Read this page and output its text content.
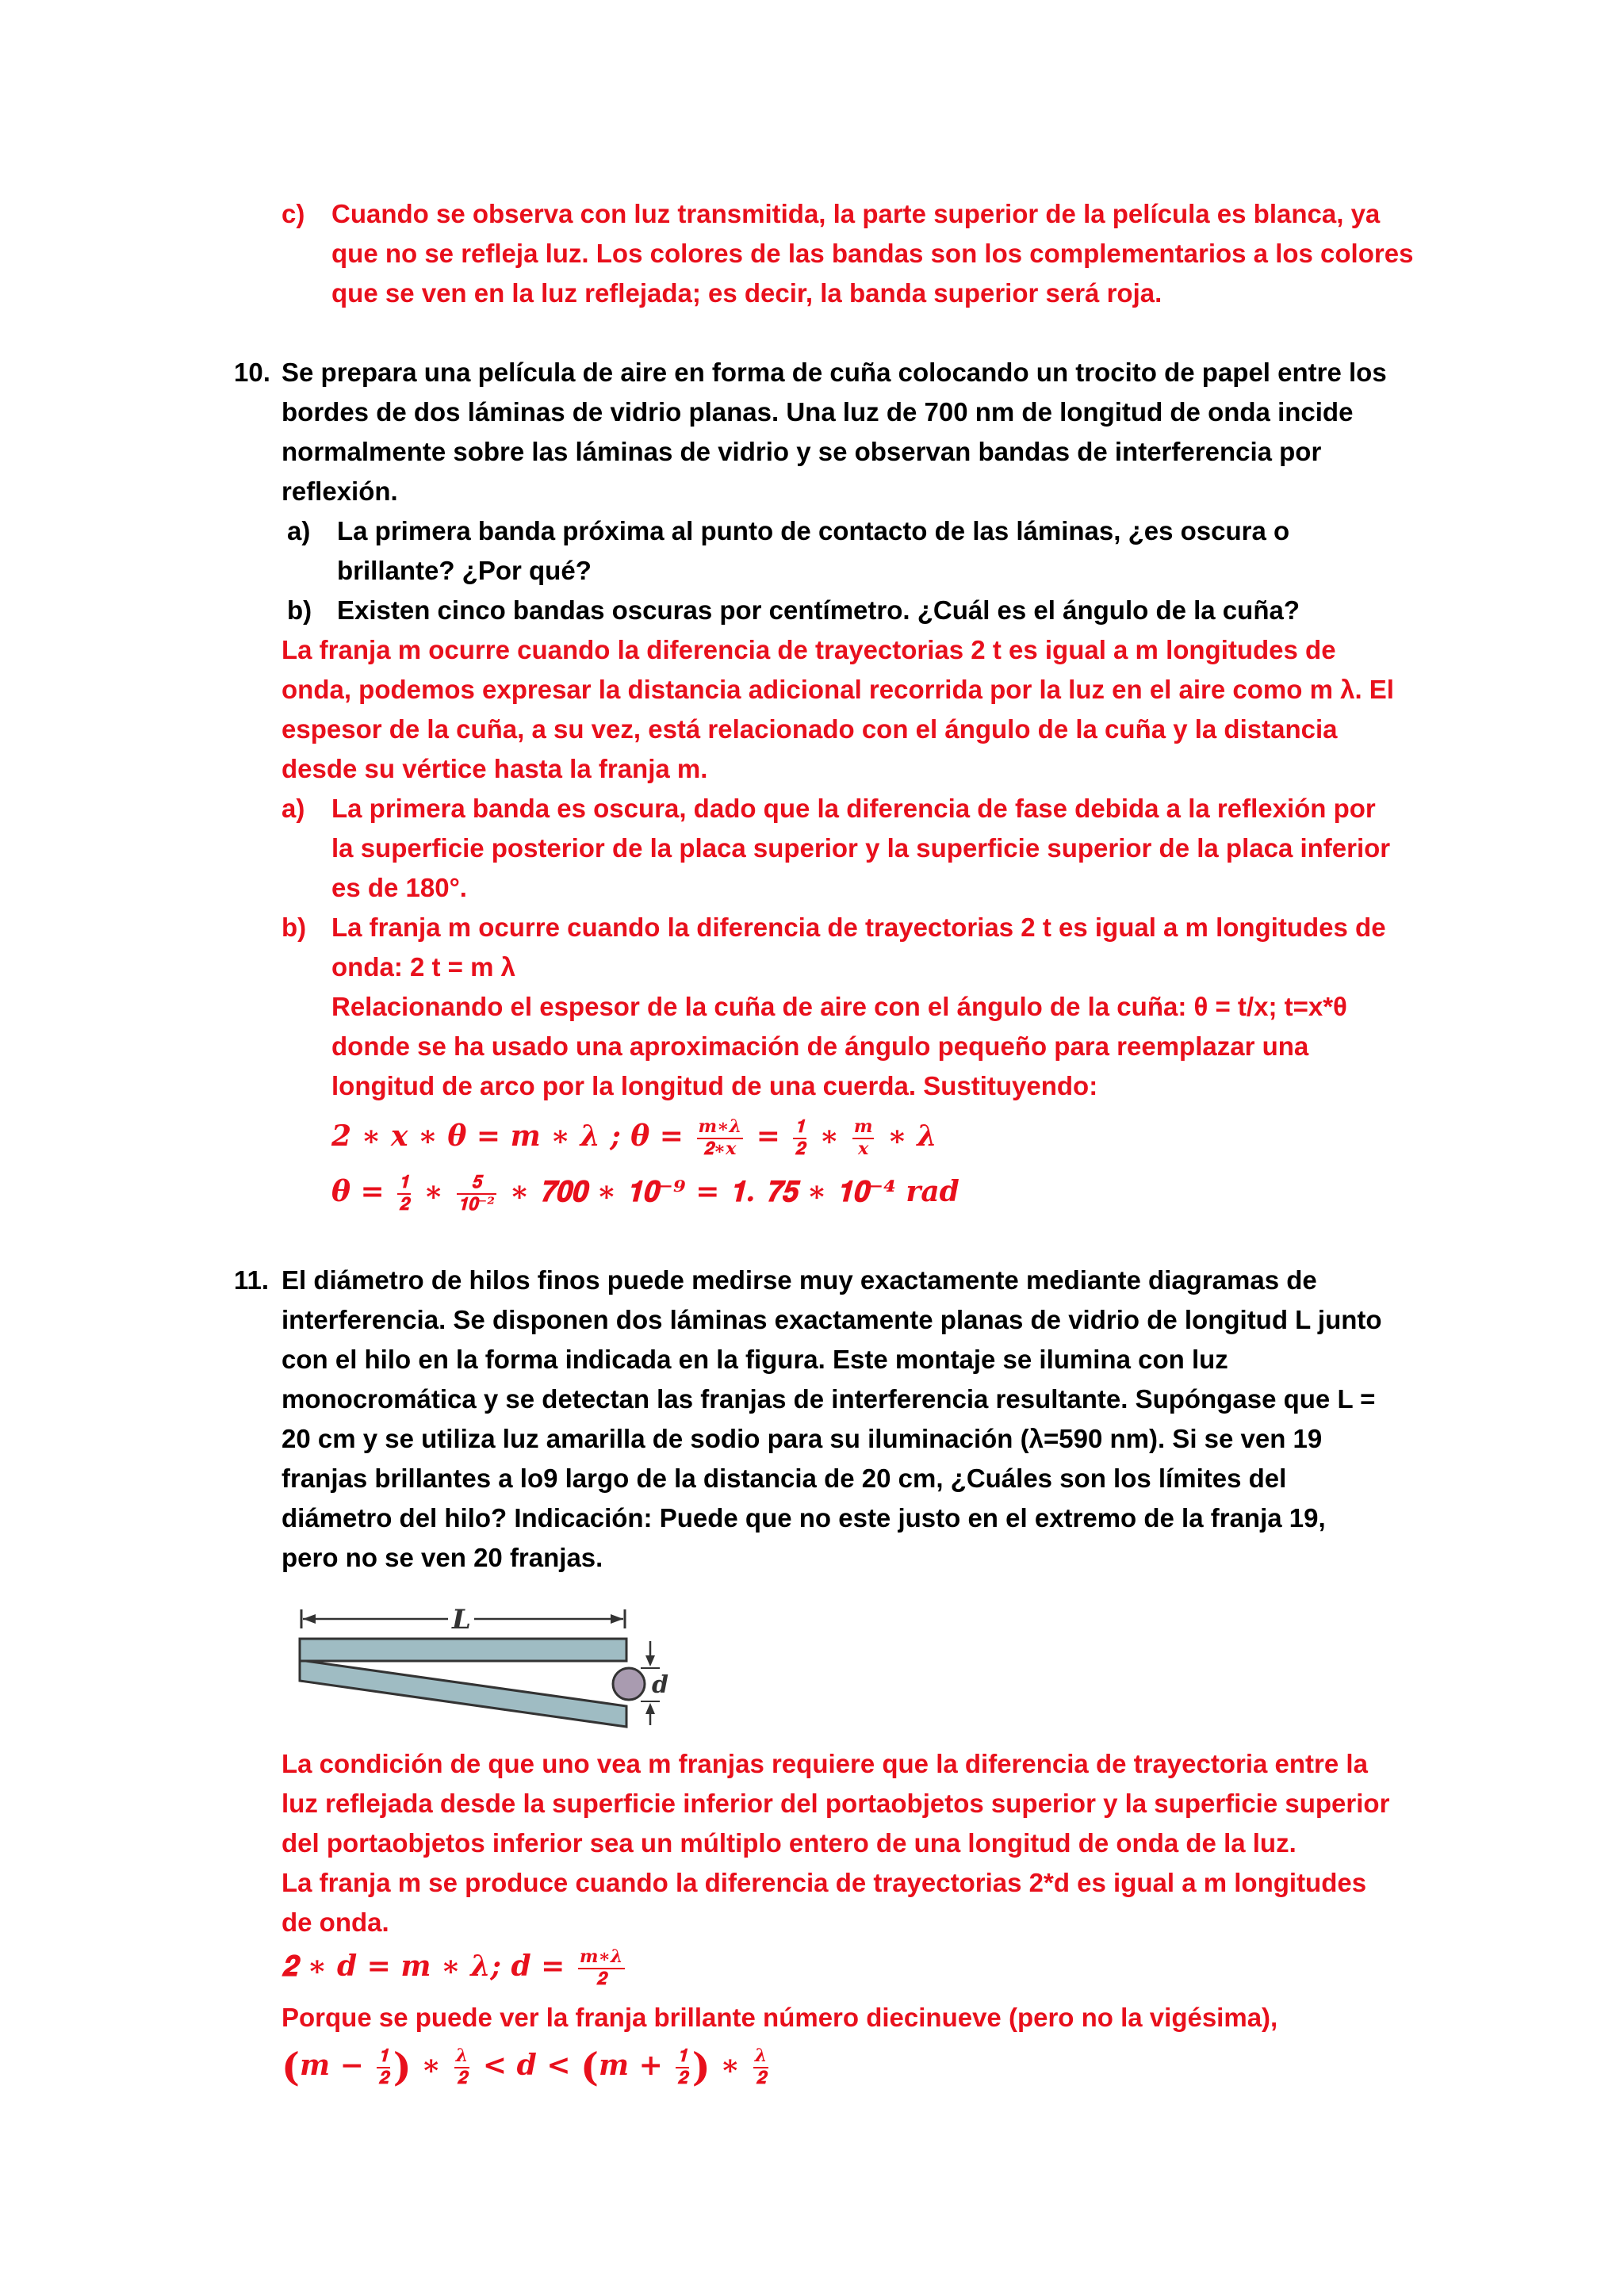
c) Cuando se observa con luz transmitida, la parte superior de la película es blanca, ya
que no se refleja luz. Los colores de las bandas son los complementarios a los colores
que se ven en la luz reflejada; es decir, la banda superior será roja.
10. Se prepara una película de aire en forma de cuña colocando un trocito de papel entre los
bordes de dos láminas de vidrio planas. Una luz de 700 nm de longitud de onda incide
normalmente sobre las láminas de vidrio y se observan bandas de interferencia por
reflexión.
a) La primera banda próxima al punto de contacto de las láminas, ¿es oscura o
brillante? ¿Por qué?
b) Existen cinco bandas oscuras por centímetro. ¿Cuál es el ángulo de la cuña?
La franja m ocurre cuando la diferencia de trayectorias 2 t es igual a m longitudes de
onda, podemos expresar la distancia adicional recorrida por la luz en el aire como m λ. El
espesor de la cuña, a su vez, está relacionado con el ángulo de la cuña y la distancia
desde su vértice hasta la franja m.
a) La primera banda es oscura, dado que la diferencia de fase debida a la reflexión por
la superficie posterior de la placa superior y la superficie superior de la placa inferior
es de 180°.
b) La franja m ocurre cuando la diferencia de trayectorias 2 t es igual a m longitudes de
onda: 2 t = m λ
Relacionando el espesor de la cuña de aire con el ángulo de la cuña: θ = t/x; t=x*θ
donde se ha usado una aproximación de ángulo pequeño para reemplazar una
longitud de arco por la longitud de una cuerda. Sustituyendo:
2 ∗ 𝒙 ∗ 𝜽 = 𝒎 ∗ 𝝀 ; 𝜽 = $\frac{\text{𝒎∗𝝀}}{\text{𝟐∗𝒙}} = \frac{𝟏}{𝟐}$ ∗ $\frac{\text{𝒎}}{\text{𝒙}}$ ∗ 𝝀
𝜽 = $\frac{𝟏}{𝟐}$ ∗ $\frac{𝟓}{\text{𝟏𝟎⁻²}}$ ∗ 𝟕𝟎𝟎 ∗ 𝟏𝟎⁻⁹ = 𝟏. 𝟕𝟓 ∗ 𝟏𝟎⁻⁴ 𝒓𝒂𝒅
11. El diámetro de hilos finos puede medirse muy exactamente mediante diagramas de
interferencia. Se disponen dos láminas exactamente planas de vidrio de longitud L junto
con el hilo en la forma indicada en la figura. Este montaje se ilumina con luz
monocromática y se detectan las franjas de interferencia resultante. Supóngase que L =
20 cm y se utiliza luz amarilla de sodio para su iluminación (λ=590 nm). Si se ven 19
franjas brillantes a lo9 largo de la distancia de 20 cm, ¿Cuáles son los límites del
diámetro del hilo? Indicación: Puede que no este justo en el extremo de la franja 19,
pero no se ven 20 franjas.
L
d
La condición de que uno vea m franjas requiere que la diferencia de trayectoria entre la
luz reflejada desde la superficie inferior del portaobjetos superior y la superficie superior
del portaobjetos inferior sea un múltiplo entero de una longitud de onda de la luz.
La franja m se produce cuando la diferencia de trayectorias 2*d es igual a m longitudes
de onda.
𝟐 ∗ 𝒅 = 𝒎 ∗ 𝝀; 𝒅 = $\frac{\text{𝒎∗𝝀}}{𝟐}$
Porque se puede ver la franja brillante número diecinueve (pero no la vigésima),
(𝒎 − $\frac{𝟏}{𝟐}$ ) ∗ $\frac{\text{𝝀}}{𝟐}$ < 𝒅 < (𝒎 + $\frac{𝟏}{𝟐}$ ) ∗ $\frac{\text{𝝀}}{𝟐}$
